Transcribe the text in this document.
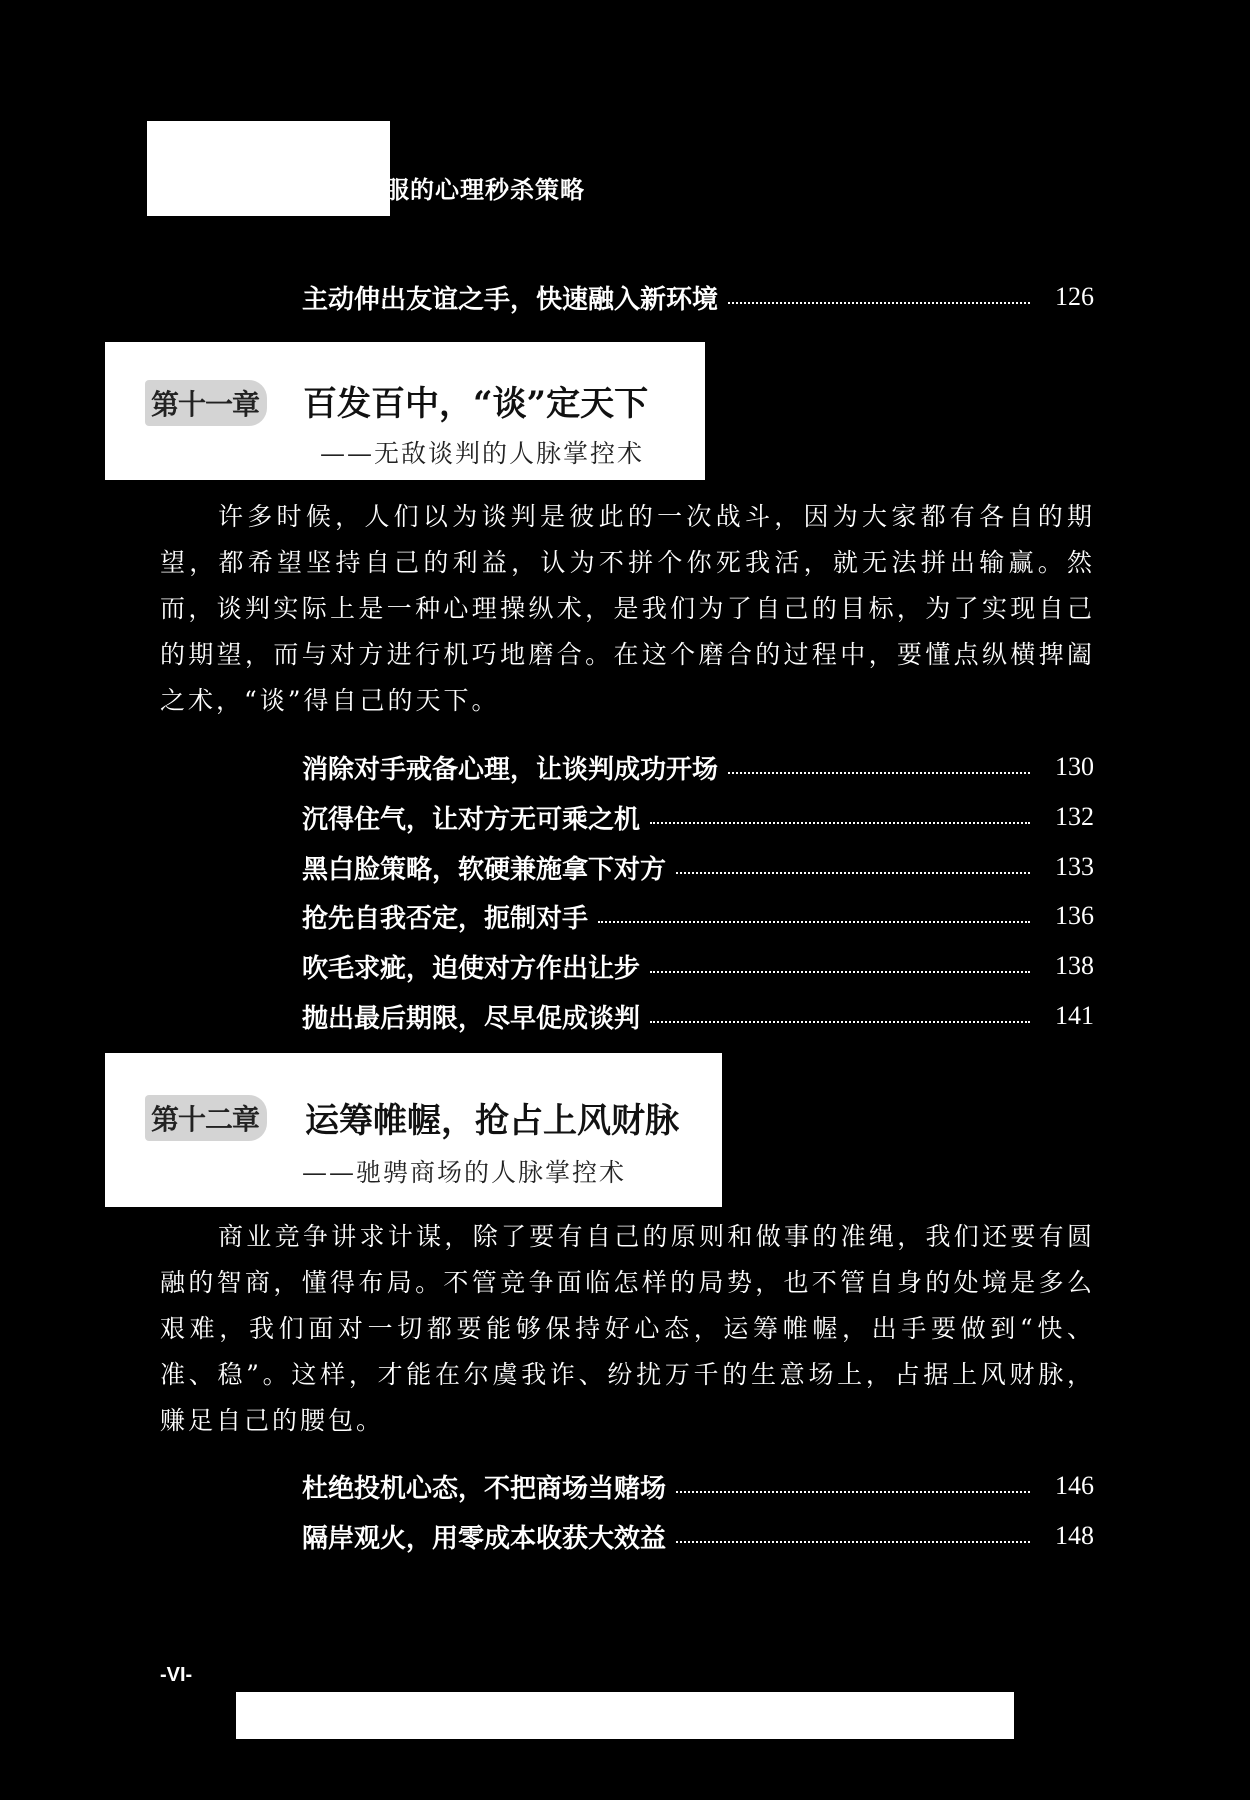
服的心理秒杀策略
主动伸出友谊之手，快速融入新环境	126
第十一章 百发百中，“谈”定天下
——无敌谈判的人脉掌控术
许多时候，人们以为谈判是彼此的一次战斗，因为大家都有各自的期望，都希望坚持自己的利益，认为不拼个你死我活，就无法拼出输赢。然而，谈判实际上是一种心理操纵术，是我们为了自己的目标，为了实现自己的期望，而与对方进行机巧地磨合。在这个磨合的过程中，要懂点纵横捭阖之术，“谈”得自己的天下。
消除对手戒备心理，让谈判成功开场	130
沉得住气，让对方无可乘之机	132
黑白脸策略，软硬兼施拿下对方	133
抢先自我否定，扼制对手	136
吹毛求疵，迫使对方作出让步	138
抛出最后期限，尽早促成谈判	141
第十二章 运筹帷幄，抢占上风财脉
——驰骋商场的人脉掌控术
商业竞争讲求计谋，除了要有自己的原则和做事的准绳，我们还要有圆融的智商，懂得布局。不管竞争面临怎样的局势，也不管自身的处境是多么艰难，我们面对一切都要能够保持好心态，运筹帷幄，出手要做到“快、准、稳”。这样，才能在尔虞我诈、纷扰万千的生意场上，占据上风财脉，赚足自己的腰包。
杜绝投机心态，不把商场当赌场	146
隔岸观火，用零成本收获大效益	148
-VI-
